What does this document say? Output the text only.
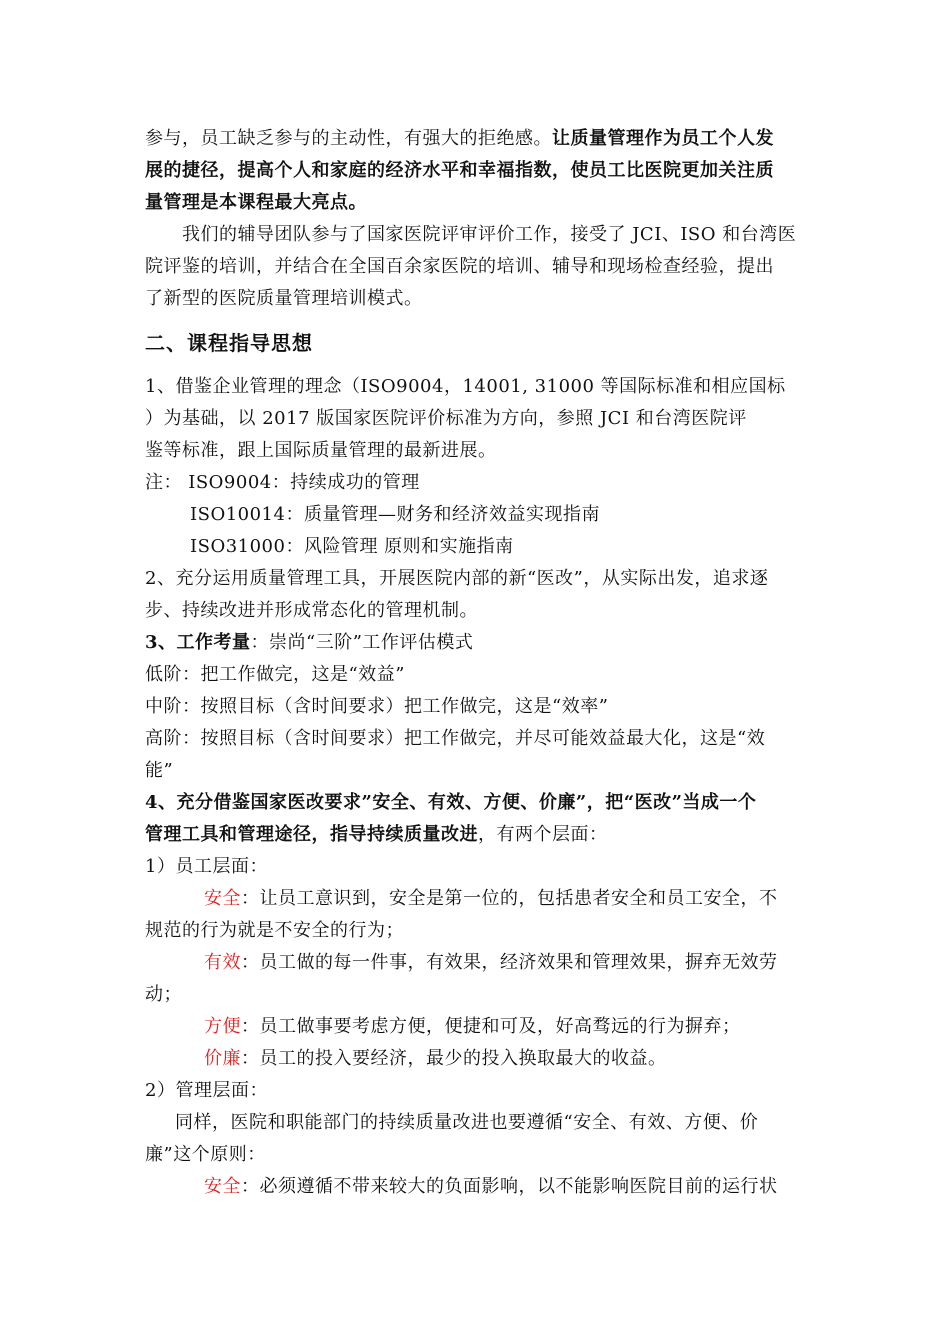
参与，员工缺乏参与的主动性，有强大的拒绝感。让质量管理作为员工个人发
展的捷径，提高个人和家庭的经济水平和幸福指数，使员工比医院更加关注质
量管理是本课程最大亮点。
我们的辅导团队参与了国家医院评审评价工作，接受了 JCI、ISO 和台湾医
院评鉴的培训，并结合在全国百余家医院的培训、辅导和现场检查经验，提出
了新型的医院质量管理培训模式。
二、课程指导思想
1、借鉴企业管理的理念（ISO9004，14001, 31000 等国际标准和相应国标
）为基础，以 2017 版国家医院评价标准为方向，参照 JCI 和台湾医院评
鉴等标准，跟上国际质量管理的最新进展。
注： ISO9004：持续成功的管理
ISO10014：质量管理—财务和经济效益实现指南
ISO31000：风险管理 原则和实施指南
2、充分运用质量管理工具，开展医院内部的新“医改”，从实际出发，追求逐
步、持续改进并形成常态化的管理机制。
3、工作考量：崇尚“三阶”工作评估模式
低阶：把工作做完，这是“效益”
中阶：按照目标（含时间要求）把工作做完，这是“效率”
高阶：按照目标（含时间要求）把工作做完，并尽可能效益最大化，这是“效
能”
4、充分借鉴国家医改要求”安全、有效、方便、价廉”，把“医改”当成一个
管理工具和管理途径，指导持续质量改进，有两个层面：
1）员工层面：
安全：让员工意识到，安全是第一位的，包括患者安全和员工安全，不
规范的行为就是不安全的行为；
有效：员工做的每一件事，有效果，经济效果和管理效果，摒弃无效劳
动；
方便：员工做事要考虑方便，便捷和可及，好高骛远的行为摒弃；
价廉：员工的投入要经济，最少的投入换取最大的收益。
2）管理层面：
同样，医院和职能部门的持续质量改进也要遵循“安全、有效、方便、价
廉”这个原则：
安全：必须遵循不带来较大的负面影响，以不能影响医院目前的运行状
